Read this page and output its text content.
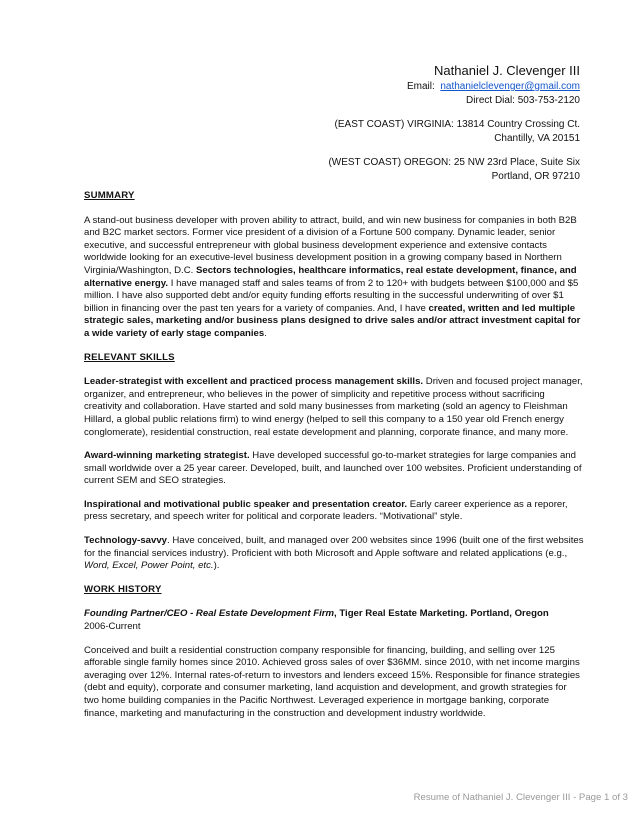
Nathaniel J. Clevenger III
Email: nathanielclevenger@gmail.com
Direct Dial: 503-753-2120
(EAST COAST) VIRGINIA: 13814 Country Crossing Ct.
Chantilly, VA 20151
(WEST COAST) OREGON: 25 NW 23rd Place, Suite Six
Portland, OR 97210
SUMMARY
A stand-out business developer with proven ability to attract, build, and win new business for companies in both B2B and B2C market sectors. Former vice president of a division of a Fortune 500 company. Dynamic leader, senior executive, and successful entrepreneur with global business development experience and extensive contacts worldwide looking for an executive-level business development position in a growing company based in Northern Virginia/Washington, D.C. Sectors technologies, healthcare informatics, real estate development, finance, and alternative energy. I have managed staff and sales teams of from 2 to 120+ with budgets between $100,000 and $5 million. I have also supported debt and/or equity funding efforts resulting in the successful underwriting of over $1 billion in financing over the past ten years for a variety of companies. And, I have created, written and led multiple strategic sales, marketing and/or business plans designed to drive sales and/or attract investment capital for a wide variety of early stage companies.
RELEVANT SKILLS
Leader-strategist with excellent and practiced process management skills. Driven and focused project manager, organizer, and entrepreneur, who believes in the power of simplicity and repetitive process without sacrificing creativity and collaboration. Have started and sold many businesses from marketing (sold an agency to Fleishman Hillard, a global public relations firm) to wind energy (helped to sell this company to a 150 year old French energy conglomerate), residential construction, real estate development and planning, corporate finance, and many more.
Award-winning marketing strategist. Have developed successful go-to-market strategies for large companies and small worldwide over a 25 year career. Developed, built, and launched over 100 websites. Proficient understanding of current SEM and SEO strategies.
Inspirational and motivational public speaker and presentation creator. Early career experience as a reporer, press secretary, and speech writer for political and corporate leaders. “Motivational” style.
Technology-savvy. Have conceived, built, and managed over 200 websites since 1996 (built one of the first websites for the financial services industry). Proficient with both Microsoft and Apple software and related applications (e.g., Word, Excel, Power Point, etc.).
WORK HISTORY
Founding Partner/CEO - Real Estate Development Firm, Tiger Real Estate Marketing. Portland, Oregon
2006-Current
Conceived and built a residential construction company responsible for financing, building, and selling over 125 afforable single family homes since 2010. Achieved gross sales of over $36MM. since 2010, with net income margins averaging over 12%. Internal rates-of-return to investors and lenders exceed 15%. Responsible for finance strategies (debt and equity), corporate and consumer marketing, land acquistion and development, and growth strategies for two home building companies in the Pacific Northwest. Leveraged experience in mortgage banking, corporate finance, marketing and manufacturing in the construction and development industry worldwide.
Resume of Nathaniel J. Clevenger III - Page 1 of 3
